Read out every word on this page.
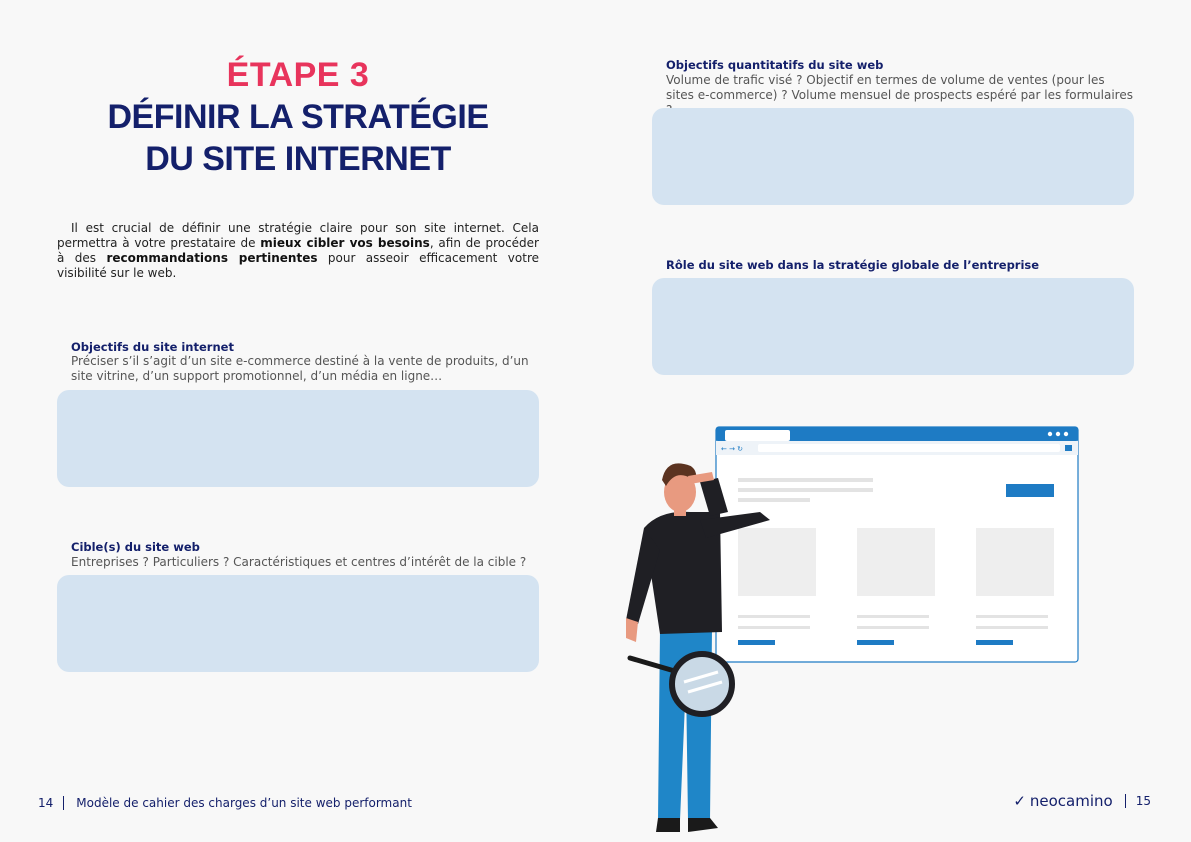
ÉTAPE 3
DÉFINIR LA STRATÉGIE
DU SITE INTERNET

Il est crucial de définir une stratégie claire pour son site internet. Cela permettra à votre prestataire de mieux cibler vos besoins, afin de procéder à des recommandations pertinentes pour asseoir efficacement votre visibilité sur le web.

Objectifs du site internet
Préciser s’il s’agit d’un site e-commerce destiné à la vente de produits, d’un site vitrine, d’un support promotionnel, d’un média en ligne…
Cible(s) du site web
Entreprises ? Particuliers ? Caractéristiques et centres d’intérêt de la cible ?
Objectifs quantitatifs du site web
Volume de trafic visé ? Objectif en termes de volume de ventes (pour les sites e-commerce) ? Volume mensuel de prospects espéré par les formulaires
Rôle du site web dans la stratégie globale de l’entreprise
← → ↻
14 Modèle de cahier des charges d’un site web performant	✓ neocamino 15
